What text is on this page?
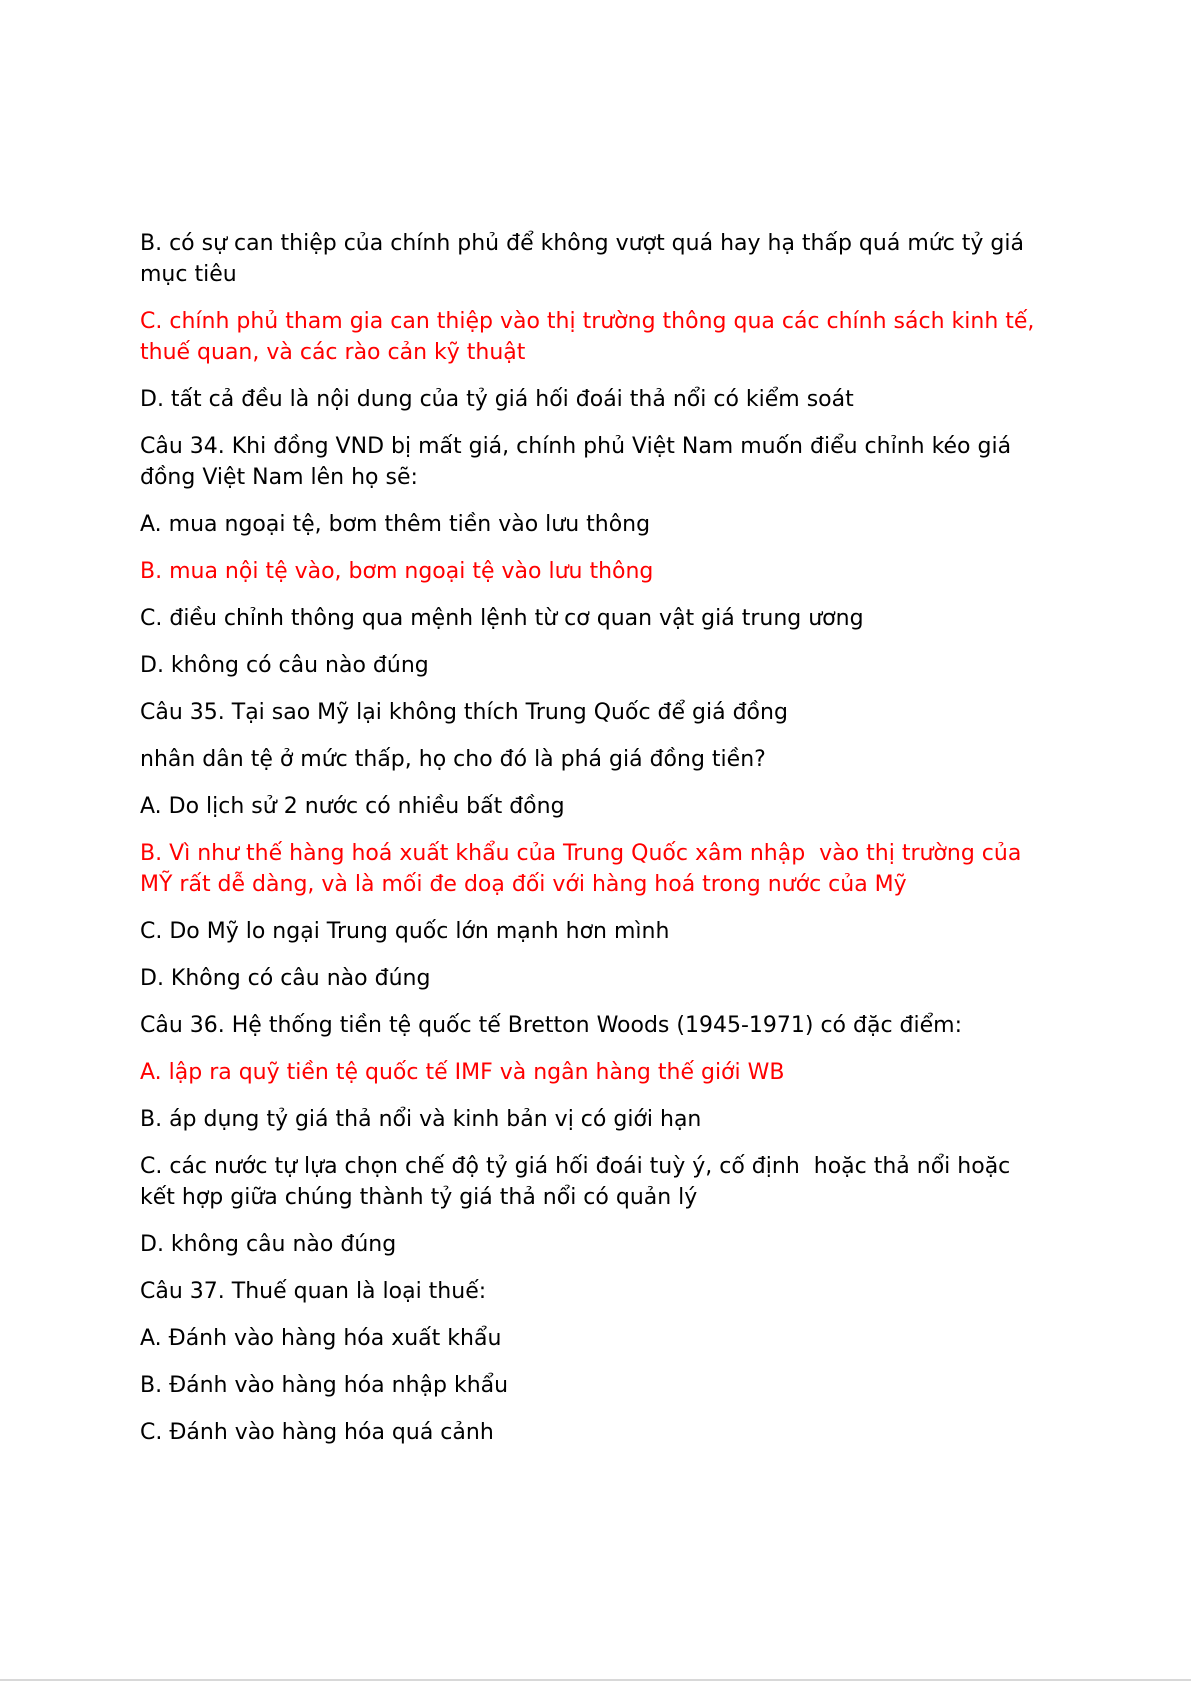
B. có sự can thiệp của chính phủ để không vượt quá hay hạ thấp quá mức tỷ giá mục tiêu

C. chính phủ tham gia can thiệp vào thị trường thông qua các chính sách kinh tế, thuế quan, và các rào cản kỹ thuật

D. tất cả đều là nội dung của tỷ giá hối đoái thả nổi có kiểm soát

Câu 34. Khi đồng VND bị mất giá, chính phủ Việt Nam muốn điểu chỉnh kéo giá đồng Việt Nam lên họ sẽ:

A. mua ngoại tệ, bơm thêm tiền vào lưu thông

B. mua nội tệ vào, bơm ngoại tệ vào lưu thông

C. điều chỉnh thông qua mệnh lệnh từ cơ quan vật giá trung ương

D. không có câu nào đúng

Câu 35. Tại sao Mỹ lại không thích Trung Quốc để giá đồng

nhân dân tệ ở mức thấp, họ cho đó là phá giá đồng tiền?

A. Do lịch sử 2 nước có nhiều bất đồng

B. Vì như thế hàng hoá xuất khẩu của Trung Quốc xâm nhập  vào thị trường của MỸ rất dễ dàng, và là mối đe doạ đối với hàng hoá trong nước của Mỹ

C. Do Mỹ lo ngại Trung quốc lớn mạnh hơn mình

D. Không có câu nào đúng

Câu 36. Hệ thống tiền tệ quốc tế Bretton Woods (1945-1971) có đặc điểm:

A. lập ra quỹ tiền tệ quốc tế IMF và ngân hàng thế giới WB

B. áp dụng tỷ giá thả nổi và kinh bản vị có giới hạn

C. các nước tự lựa chọn chế độ tỷ giá hối đoái tuỳ ý, cố định  hoặc thả nổi hoặc kết hợp giữa chúng thành tỷ giá thả nổi có quản lý

D. không câu nào đúng

Câu 37. Thuế quan là loại thuế:

A. Đánh vào hàng hóa xuất khẩu

B. Đánh vào hàng hóa nhập khẩu

C. Đánh vào hàng hóa quá cảnh
